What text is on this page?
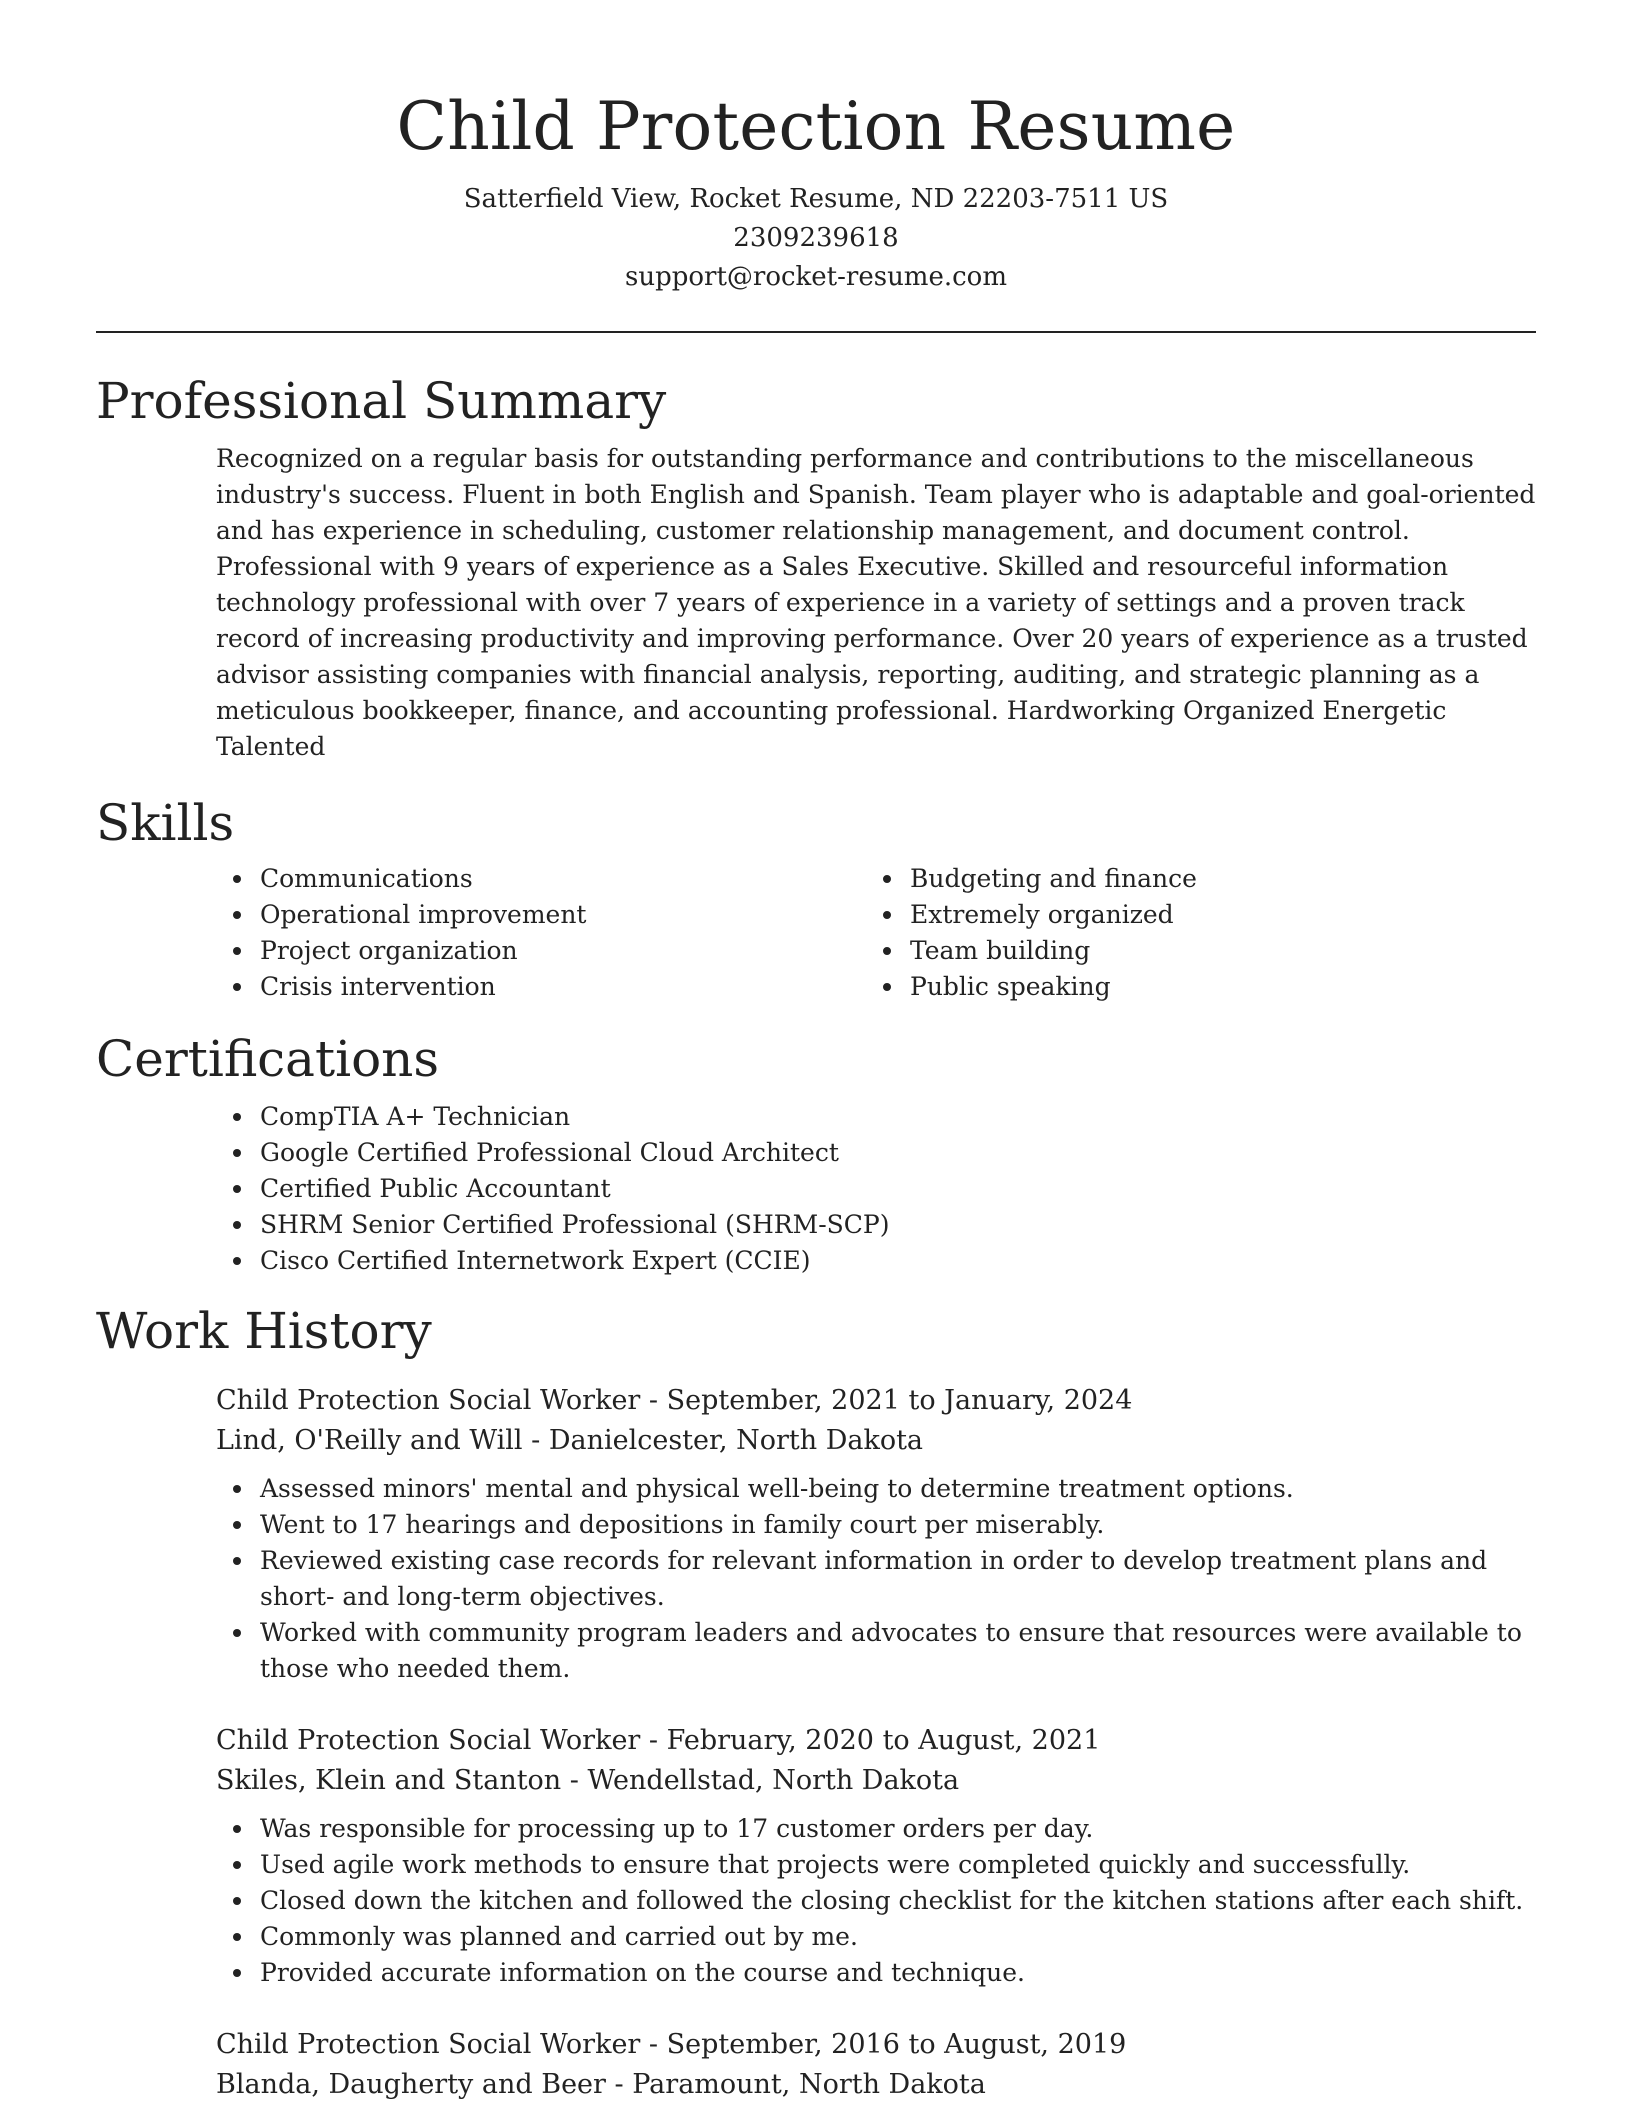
Child Protection Resume
Satterfield View, Rocket Resume, ND 22203-7511 US
2309239618
support@rocket-resume.com
Professional Summary
Recognized on a regular basis for outstanding performance and contributions to the miscellaneous industry's success. Fluent in both English and Spanish. Team player who is adaptable and goal-oriented and has experience in scheduling, customer relationship management, and document control. Professional with 9 years of experience as a Sales Executive. Skilled and resourceful information technology professional with over 7 years of experience in a variety of settings and a proven track record of increasing productivity and improving performance. Over 20 years of experience as a trusted advisor assisting companies with financial analysis, reporting, auditing, and strategic planning as a meticulous bookkeeper, finance, and accounting professional. Hardworking Organized Energetic Talented
Skills
Communications
Operational improvement
Project organization
Crisis intervention
Budgeting and finance
Extremely organized
Team building
Public speaking
Certifications
CompTIA A+ Technician
Google Certified Professional Cloud Architect
Certified Public Accountant
SHRM Senior Certified Professional (SHRM-SCP)
Cisco Certified Internetwork Expert (CCIE)
Work History
Child Protection Social Worker - September, 2021 to January, 2024
Lind, O'Reilly and Will - Danielcester, North Dakota
Assessed minors' mental and physical well-being to determine treatment options.
Went to 17 hearings and depositions in family court per miserably.
Reviewed existing case records for relevant information in order to develop treatment plans and short- and long-term objectives.
Worked with community program leaders and advocates to ensure that resources were available to those who needed them.
Child Protection Social Worker - February, 2020 to August, 2021
Skiles, Klein and Stanton - Wendellstad, North Dakota
Was responsible for processing up to 17 customer orders per day.
Used agile work methods to ensure that projects were completed quickly and successfully.
Closed down the kitchen and followed the closing checklist for the kitchen stations after each shift.
Commonly was planned and carried out by me.
Provided accurate information on the course and technique.
Child Protection Social Worker - September, 2016 to August, 2019
Blanda, Daugherty and Beer - Paramount, North Dakota
